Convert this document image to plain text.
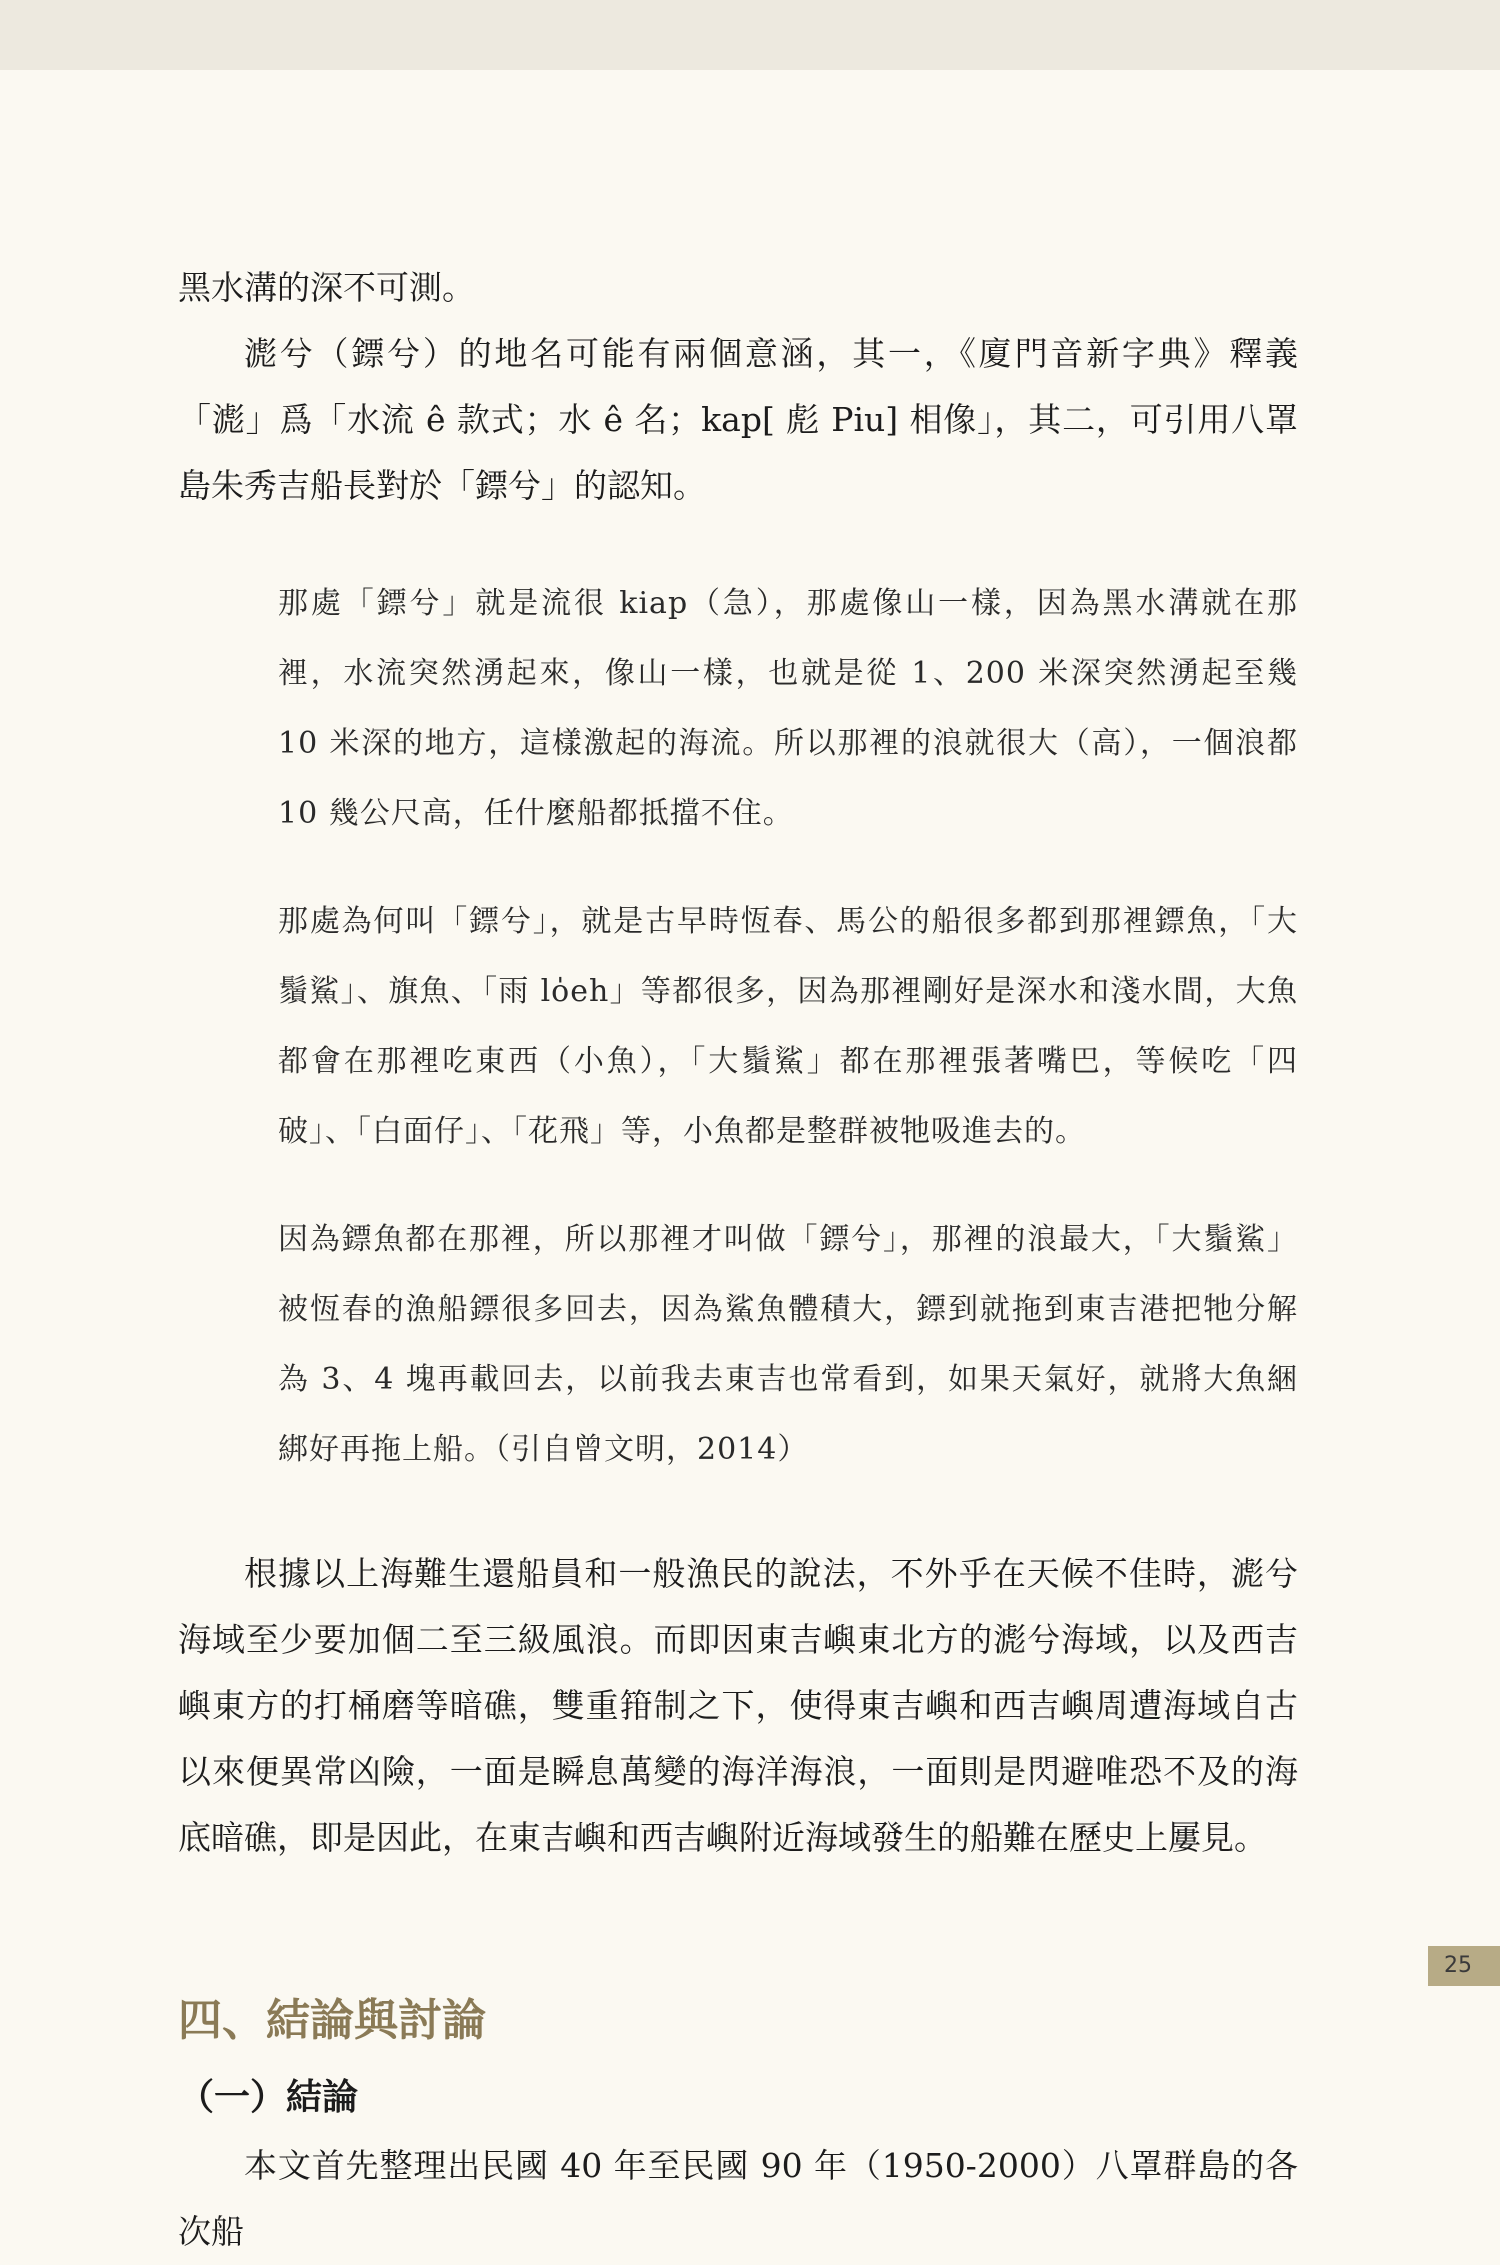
黑水溝的深不可測。

滮兮（鏢兮）的地名可能有兩個意涵，其一，《廈門音新字典》釋義「滮」爲「水流 ê 款式；水 ê 名；kap[ 彪 Piu] 相像」，其二，可引用八罩島朱秀吉船長對於「鏢兮」的認知。

那處「鏢兮」就是流很 kiap（急），那處像山一樣，因為黑水溝就在那裡，水流突然湧起來，像山一樣，也就是從 1、200 米深突然湧起至幾 10 米深的地方，這樣激起的海流。所以那裡的浪就很大（高），一個浪都 10 幾公尺高，任什麼船都抵擋不住。

那處為何叫「鏢兮」，就是古早時恆春、馬公的船很多都到那裡鏢魚，「大鬚鯊」、旗魚、「雨 lo̍eh」等都很多，因為那裡剛好是深水和淺水間，大魚都會在那裡吃東西（小魚），「大鬚鯊」都在那裡張著嘴巴，等候吃「四破」、「白面仔」、「花飛」等，小魚都是整群被牠吸進去的。

因為鏢魚都在那裡，所以那裡才叫做「鏢兮」，那裡的浪最大，「大鬚鯊」被恆春的漁船鏢很多回去，因為鯊魚體積大，鏢到就拖到東吉港把牠分解為 3、4 塊再載回去，以前我去東吉也常看到，如果天氣好，就將大魚綑綁好再拖上船。（引自曾文明，2014）

根據以上海難生還船員和一般漁民的說法，不外乎在天候不佳時，滮兮海域至少要加個二至三級風浪。而即因東吉嶼東北方的滮兮海域，以及西吉嶼東方的打桶磨等暗礁，雙重箝制之下，使得東吉嶼和西吉嶼周遭海域自古以來便異常凶險，一面是瞬息萬變的海洋海浪，一面則是閃避唯恐不及的海底暗礁，即是因此，在東吉嶼和西吉嶼附近海域發生的船難在歷史上屢見。

四、結論與討論
（一）結論

本文首先整理出民國 40 年至民國 90 年（1950-2000）八罩群島的各次船

25
